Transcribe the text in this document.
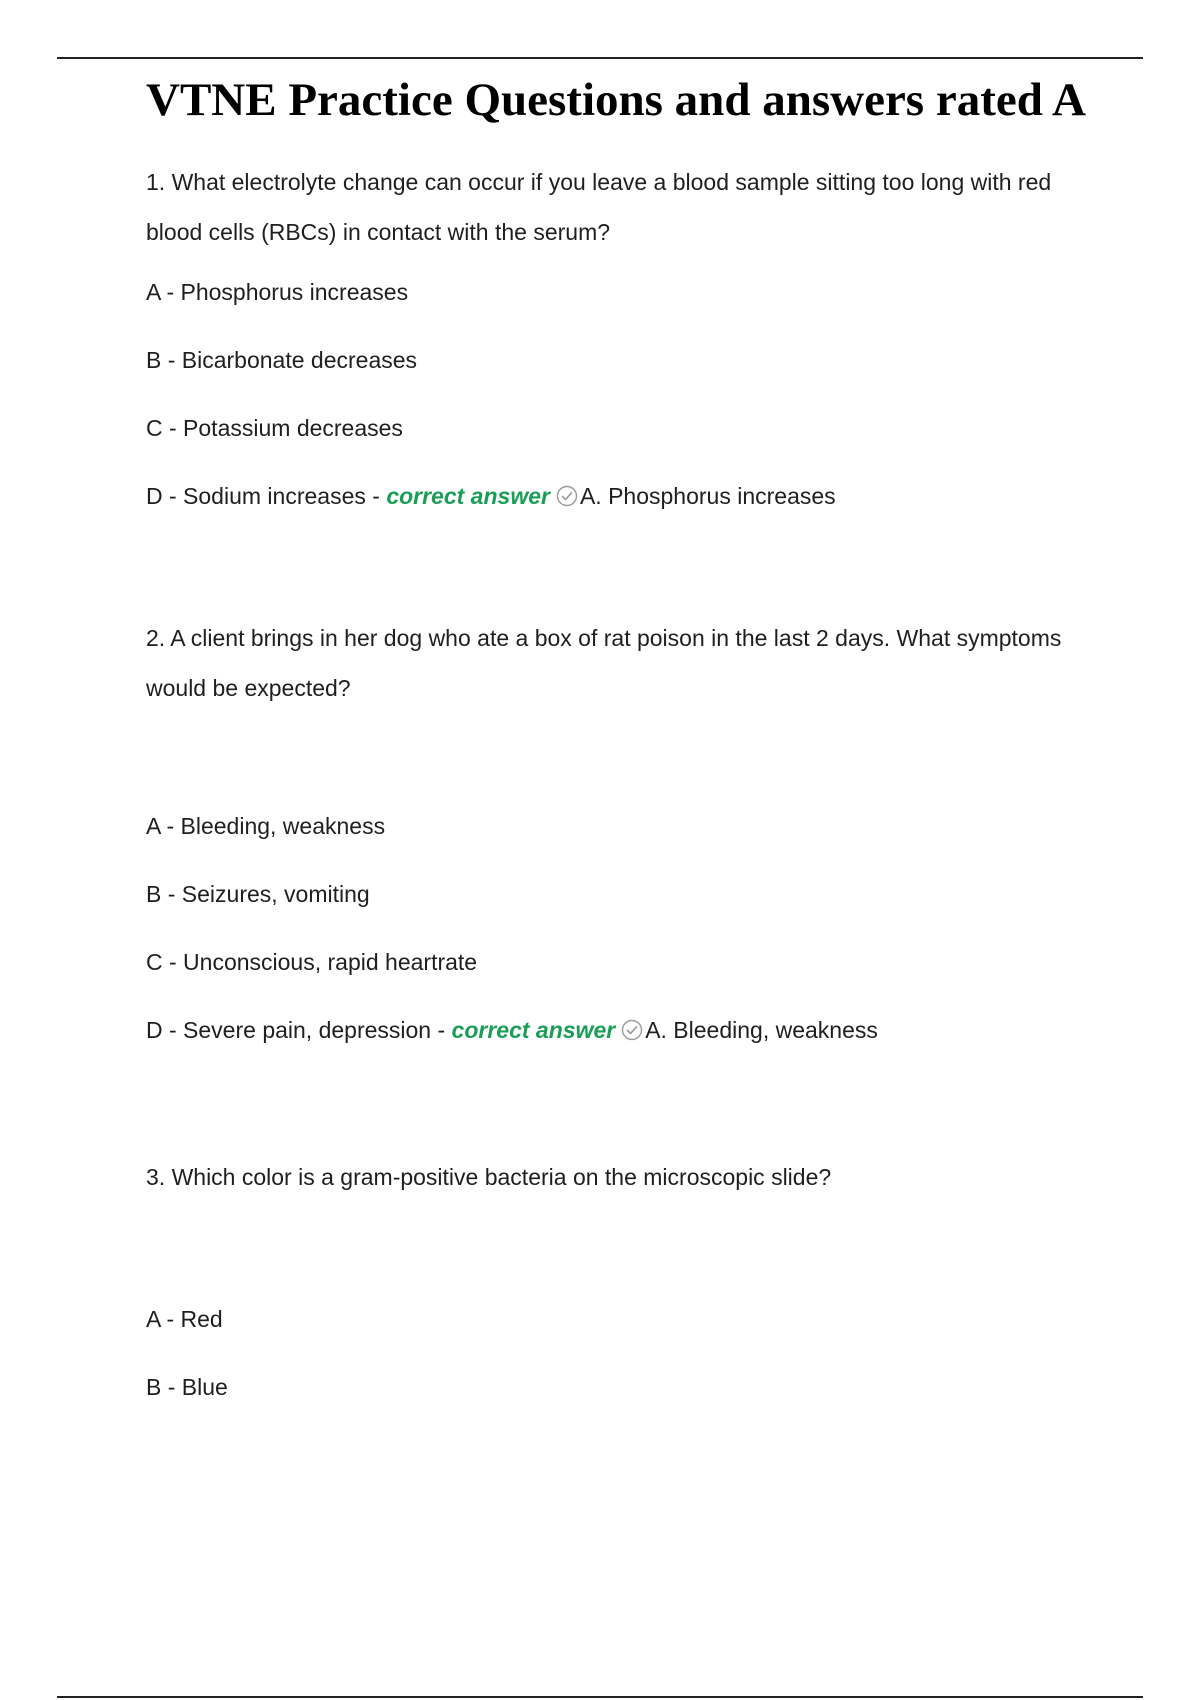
VTNE Practice Questions and answers rated A

1. What electrolyte change can occur if you leave a blood sample sitting too long with red blood cells (RBCs) in contact with the serum?

A - Phosphorus increases

B - Bicarbonate decreases

C - Potassium decreases

D - Sodium increases - correct answer A. Phosphorus increases

2. A client brings in her dog who ate a box of rat poison in the last 2 days. What symptoms would be expected?

A - Bleeding, weakness

B - Seizures, vomiting

C - Unconscious, rapid heartrate

D - Severe pain, depression - correct answer A. Bleeding, weakness

3. Which color is a gram-positive bacteria on the microscopic slide?

A - Red

B - Blue
